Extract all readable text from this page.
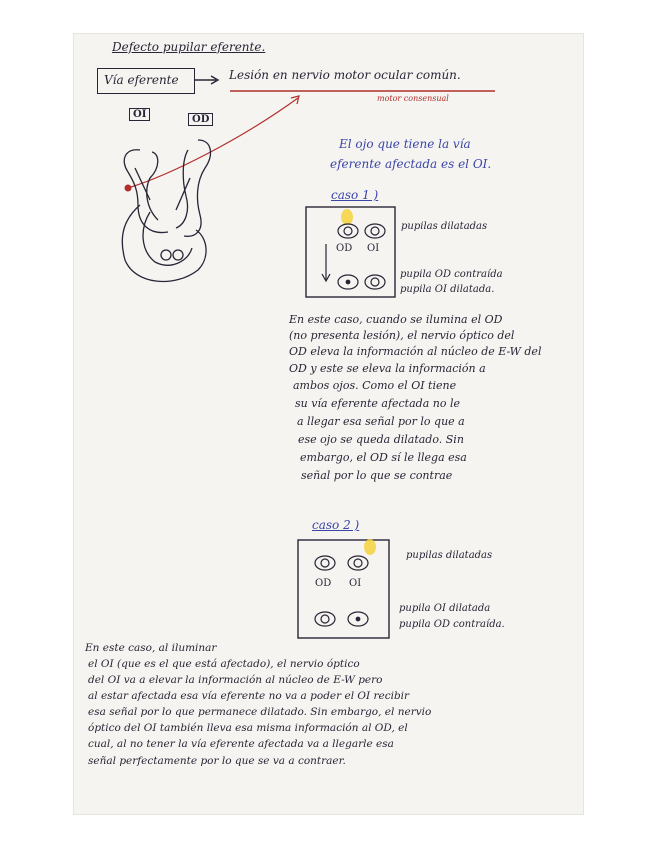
Defecto pupilar eferente.
Vía eferente	Lesión en nervio motor ocular común.
motor consensual
OI	OD
El ojo que tiene la vía
eferente afectada es el OI.
caso 1 )
OD OI
pupilas dilatadas
pupila OD contraída
pupila OI dilatada.
En este caso, cuando se ilumina el OD
(no presenta lesión), el nervio óptico del
OD eleva la información al núcleo de E-W del
OD y este se eleva la información a
ambos ojos. Como el OI tiene
su vía eferente afectada no le
a llegar esa señal por lo que a
ese ojo se queda dilatado. Sin
embargo, el OD sí le llega esa
señal por lo que se contrae
caso 2 )
OD OI
pupilas dilatadas
pupila OI dilatada
pupila OD contraída.
En este caso, al iluminar
el OI (que es el que está afectado), el nervio óptico
del OI va a elevar la información al núcleo de E-W pero
al estar afectada esa vía eferente no va a poder el OI recibir
esa señal por lo que permanece dilatado. Sin embargo, el nervio
óptico del OI también lleva esa misma información al OD, el
cual, al no tener la vía eferente afectada va a llegarle esa
señal perfectamente por lo que se va a contraer.
